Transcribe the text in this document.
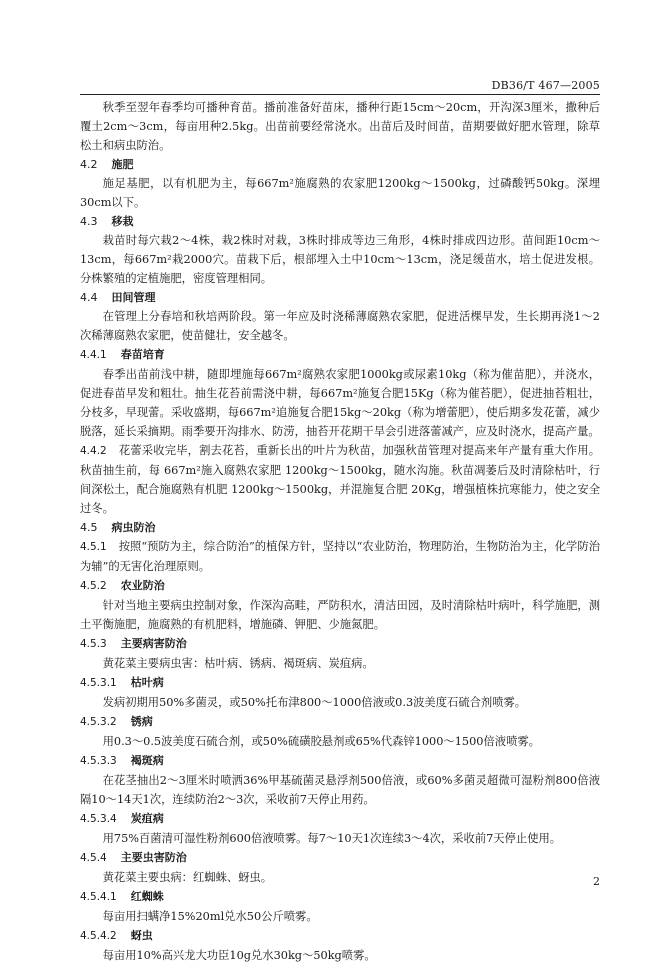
DB36/T 467—2005

秋季至翌年春季均可播种育苗。播前准备好苗床，播种行距15cm～20cm，开沟深3厘米，撒种后覆土2cm～3cm，每亩用种2.5kg。出苗前要经常浇水。出苗后及时间苗，苗期要做好肥水管理，除草松土和病虫防治。

4.2 施肥

施足基肥，以有机肥为主，每667m²施腐熟的农家肥1200kg～1500kg，过磷酸钙50kg。深埋30cm以下。

4.3 移栽

栽苗时每穴栽2～4株，栽2株时对栽，3株时排成等边三角形，4株时排成四边形。苗间距10cm～13cm，每667m²栽2000穴。苗栽下后，根部埋入土中10cm～13cm，浇足缓苗水，培土促进发根。分株繁殖的定植施肥，密度管理相同。

4.4 田间管理

在管理上分春培和秋培两阶段。第一年应及时浇稀薄腐熟农家肥，促进活棵早发，生长期再浇1～2次稀薄腐熟农家肥，使苗健壮，安全越冬。

4.4.1 春苗培育

春季出苗前浅中耕，随即埋施每667m²腐熟农家肥1000kg或尿素10kg（称为催苗肥），并浇水，促进春苗早发和粗壮。抽生花苔前需浇中耕，每667m²施复合肥15Kg（称为催苔肥），促进抽苔粗壮，分枝多，早现蕾。采收盛期，每667m²追施复合肥15kg～20kg（称为增蕾肥），使后期多发花蕾，减少脱落，延长采摘期。雨季要开沟排水、防涝，抽苔开花期干旱会引进落蕾减产，应及时浇水，提高产量。

4.4.2 花蕾采收完毕，割去花苔，重新长出的叶片为秋苗，加强秋苗管理对提高来年产量有重大作用。秋苗抽生前，每 667m²施入腐熟农家肥 1200kg～1500kg，随水沟施。秋苗凋萎后及时清除枯叶，行间深松土，配合施腐熟有机肥 1200kg～1500kg，并混施复合肥 20Kg，增强植株抗寒能力，使之安全过冬。

4.5 病虫防治

4.5.1 按照“预防为主，综合防治”的植保方针，坚持以“农业防治，物理防治，生物防治为主，化学防治为辅”的无害化治理原则。

4.5.2 农业防治

针对当地主要病虫控制对象，作深沟高畦，严防积水，清洁田园，及时清除枯叶病叶，科学施肥，测土平衡施肥，施腐熟的有机肥料，增施磷、钾肥、少施氮肥。

4.5.3 主要病害防治

黄花菜主要病虫害：枯叶病、锈病、褐斑病、炭疽病。

4.5.3.1 枯叶病

发病初期用50%多菌灵，或50%托布津800～1000倍液或0.3波美度石硫合剂喷雾。

4.5.3.2 锈病

用0.3～0.5波美度石硫合剂，或50%硫磺胶悬剂或65%代森锌1000～1500倍液喷雾。

4.5.3.3 褐斑病

在花茎抽出2～3厘米时喷洒36%甲基硫菌灵悬浮剂500倍液，或60%多菌灵超微可湿粉剂800倍液隔10～14天1次，连续防治2～3次，采收前7天停止用药。

4.5.3.4 炭疽病

用75%百菌清可湿性粉剂600倍液喷雾。每7～10天1次连续3～4次，采收前7天停止使用。

4.5.4 主要虫害防治

黄花菜主要虫病：红蜘蛛、蚜虫。

4.5.4.1 红蜘蛛

每亩用扫螨净15%20ml兑水50公斤喷雾。

4.5.4.2 蚜虫

每亩用10%高兴龙大功臣10g兑水30kg～50kg喷雾。

2
